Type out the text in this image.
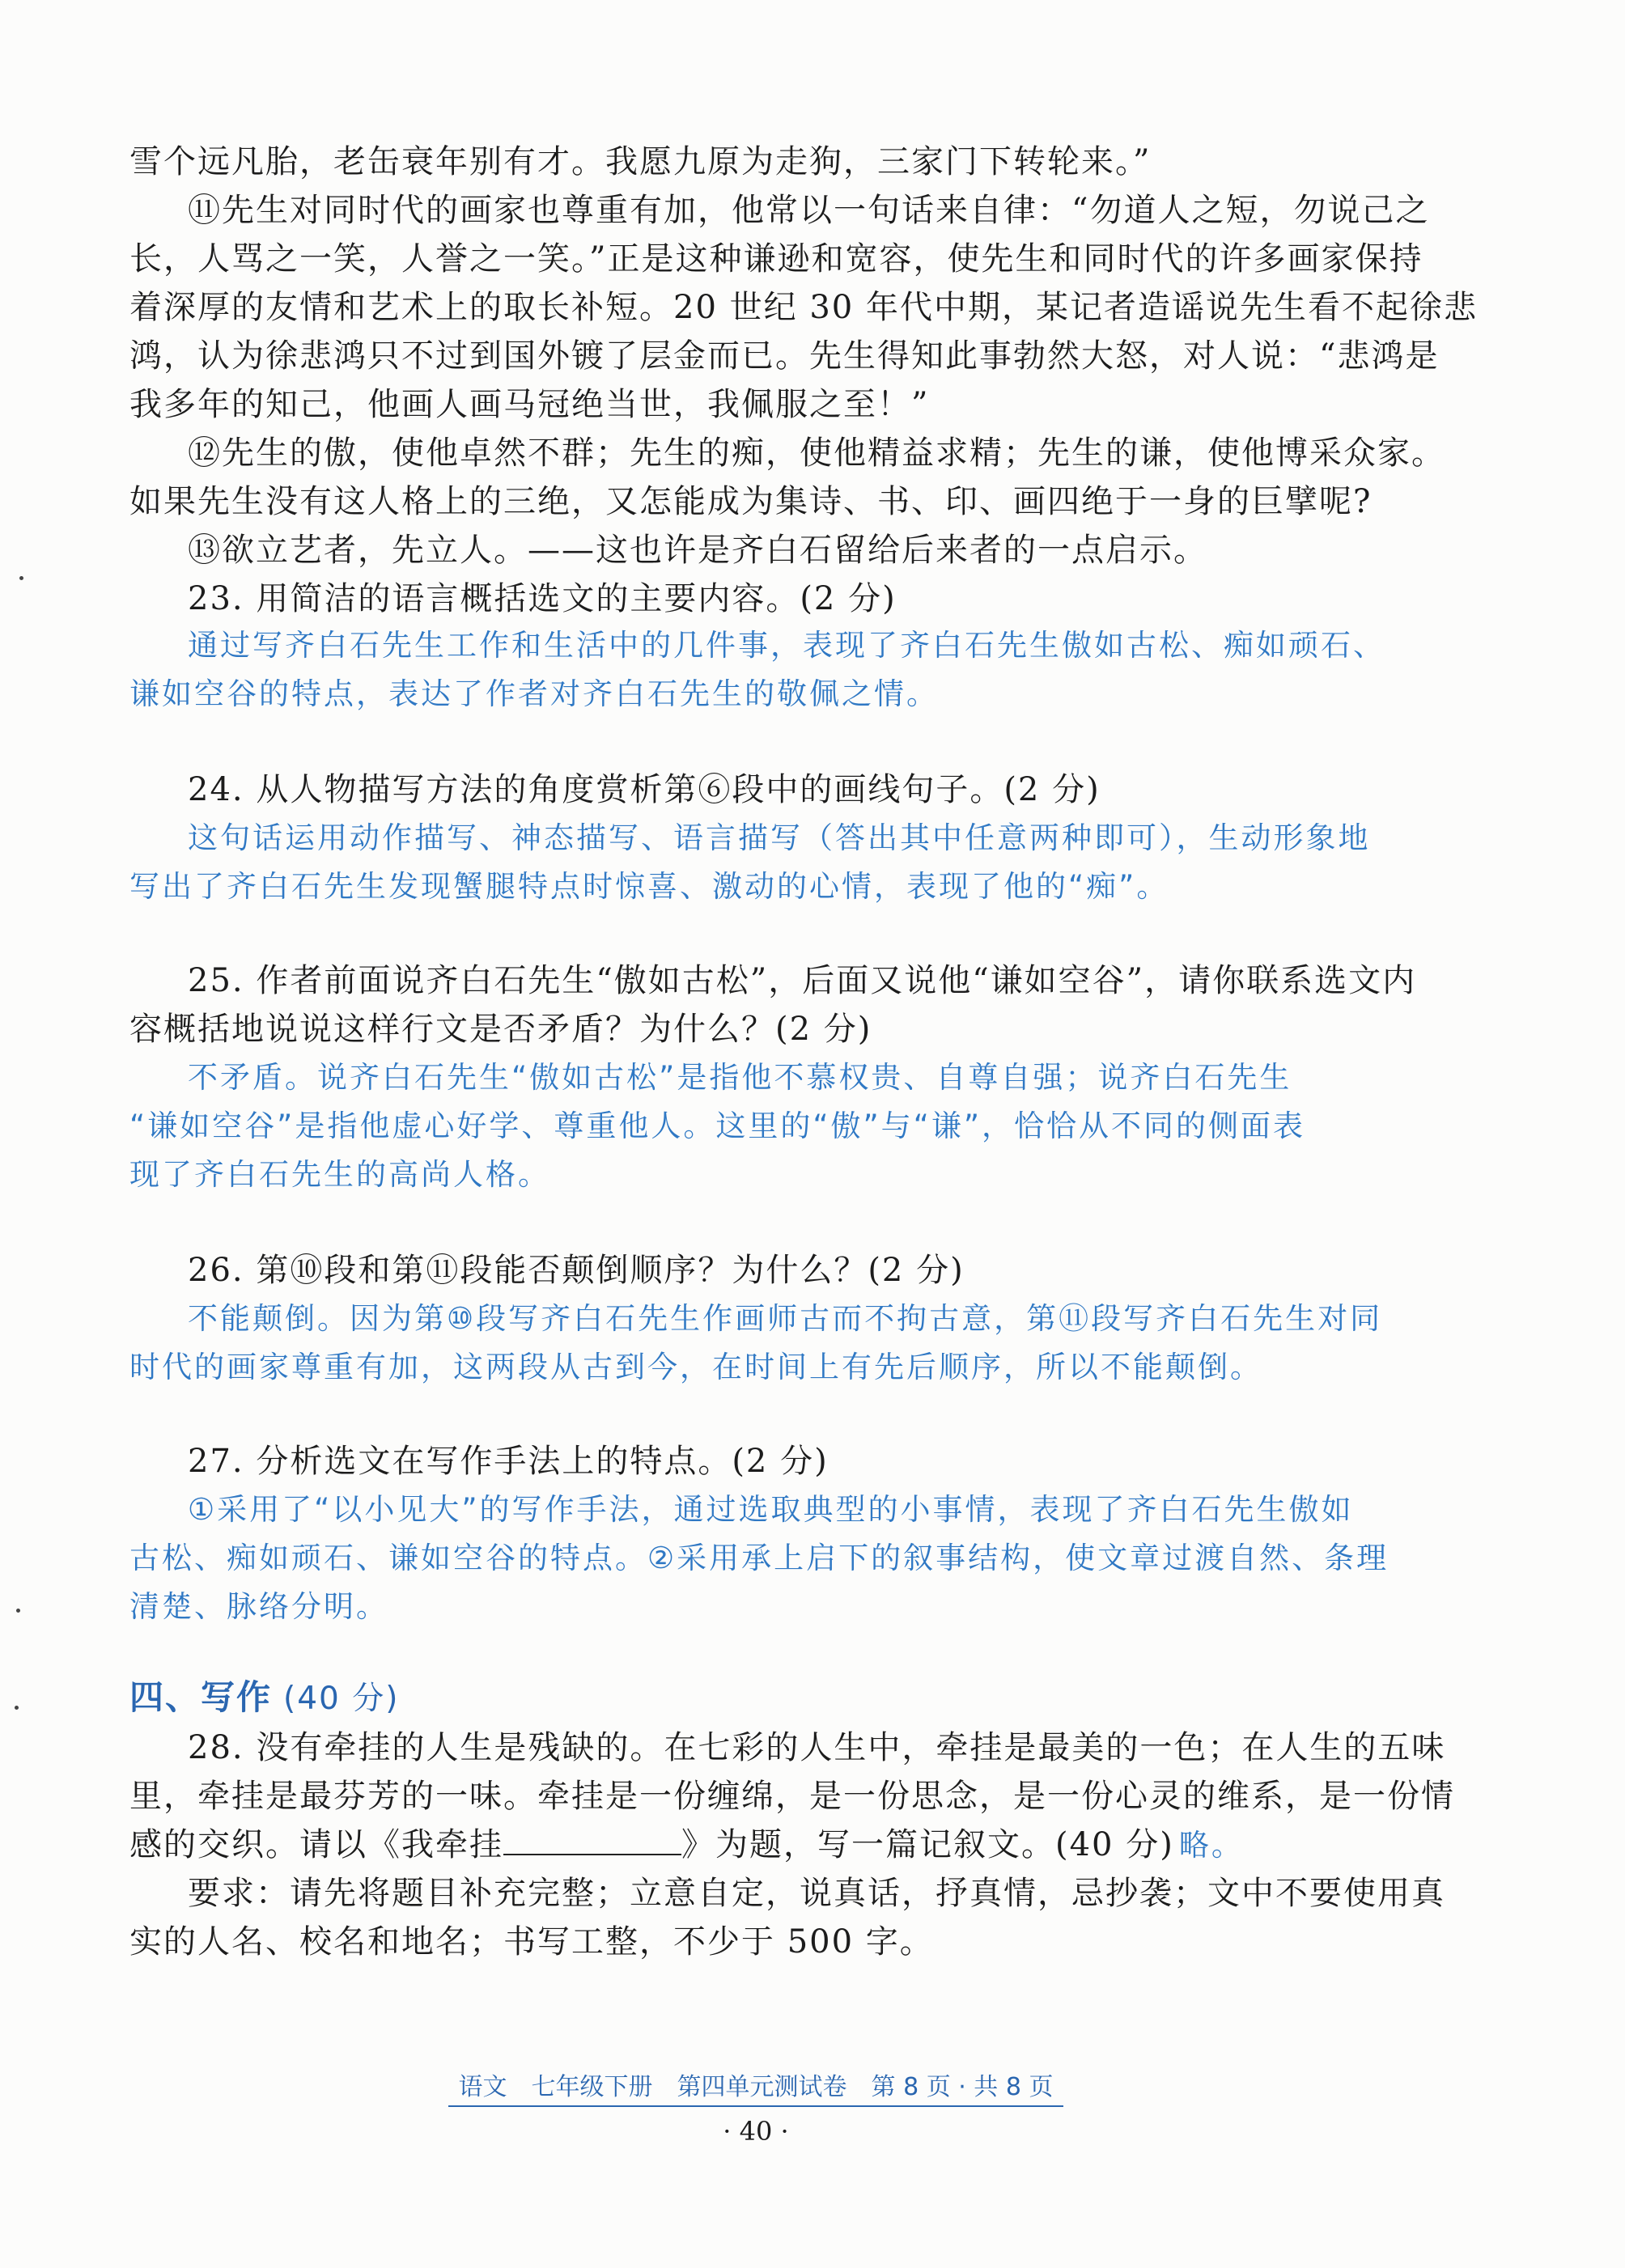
雪个远凡胎，老缶衰年别有才。我愿九原为走狗，三家门下转轮来。”
⑪先生对同时代的画家也尊重有加，他常以一句话来自律：“勿道人之短，勿说己之
长，人骂之一笑，人誉之一笑。”正是这种谦逊和宽容，使先生和同时代的许多画家保持
着深厚的友情和艺术上的取长补短。20 世纪 30 年代中期，某记者造谣说先生看不起徐悲
鸿，认为徐悲鸿只不过到国外镀了层金而已。先生得知此事勃然大怒，对人说：“悲鸿是
我多年的知己，他画人画马冠绝当世，我佩服之至！”
⑫先生的傲，使他卓然不群；先生的痴，使他精益求精；先生的谦，使他博采众家。
如果先生没有这人格上的三绝，又怎能成为集诗、书、印、画四绝于一身的巨擘呢?
⑬欲立艺者，先立人。——这也许是齐白石留给后来者的一点启示。
23. 用简洁的语言概括选文的主要内容。(2 分)
通过写齐白石先生工作和生活中的几件事，表现了齐白石先生傲如古松、痴如顽石、
谦如空谷的特点，表达了作者对齐白石先生的敬佩之情。
24. 从人物描写方法的角度赏析第⑥段中的画线句子。(2 分)
这句话运用动作描写、神态描写、语言描写（答出其中任意两种即可），生动形象地
写出了齐白石先生发现蟹腿特点时惊喜、激动的心情，表现了他的“痴”。
25. 作者前面说齐白石先生“傲如古松”，后面又说他“谦如空谷”，请你联系选文内
容概括地说说这样行文是否矛盾？为什么？(2 分)
不矛盾。说齐白石先生“傲如古松”是指他不慕权贵、自尊自强；说齐白石先生
“谦如空谷”是指他虚心好学、尊重他人。这里的“傲”与“谦”，恰恰从不同的侧面表
现了齐白石先生的高尚人格。
26. 第⑩段和第⑪段能否颠倒顺序？为什么？(2 分)
不能颠倒。因为第⑩段写齐白石先生作画师古而不拘古意，第⑪段写齐白石先生对同
时代的画家尊重有加，这两段从古到今，在时间上有先后顺序，所以不能颠倒。
27. 分析选文在写作手法上的特点。(2 分)
①采用了“以小见大”的写作手法，通过选取典型的小事情，表现了齐白石先生傲如
古松、痴如顽石、谦如空谷的特点。②采用承上启下的叙事结构，使文章过渡自然、条理
清楚、脉络分明。
四、写作 (40 分)
28. 没有牵挂的人生是残缺的。在七彩的人生中，牵挂是最美的一色；在人生的五味
里，牵挂是最芬芳的一味。牵挂是一份缠绵，是一份思念，是一份心灵的维系，是一份情
感的交织。请以《我牵挂	》为题，写一篇记叙文。(40 分) 略。
要求：请先将题目补充完整；立意自定，说真话，抒真情，忌抄袭；文中不要使用真
实的人名、校名和地名；书写工整，不少于 500 字。
语文　七年级下册　第四单元测试卷　第 8 页 · 共 8 页
· 40 ·
